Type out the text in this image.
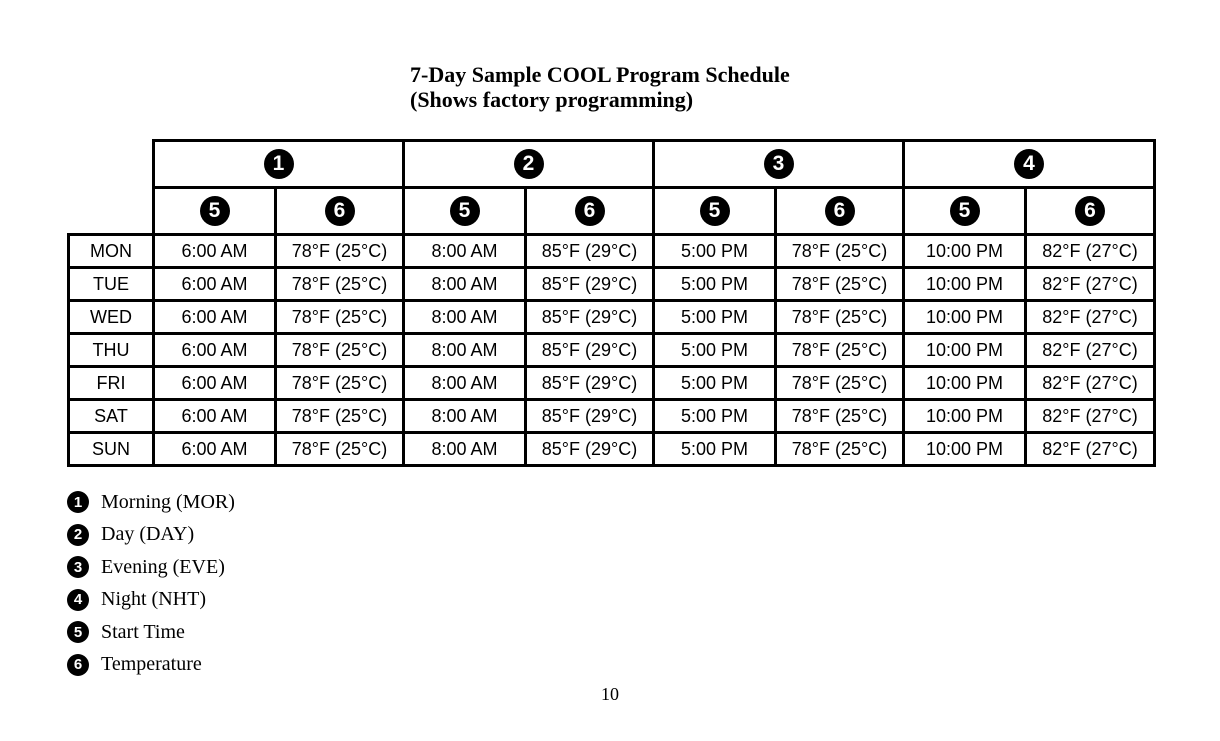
7-Day Sample COOL Program Schedule
(Shows factory programming)
	1		2		3		4	
	5	6	5	6	5	6	5	6
MON	6:00 AM	78°F (25°C)	8:00 AM	85°F (29°C)	5:00 PM	78°F (25°C)	10:00 PM	82°F (27°C)
TUE	6:00 AM	78°F (25°C)	8:00 AM	85°F (29°C)	5:00 PM	78°F (25°C)	10:00 PM	82°F (27°C)
WED	6:00 AM	78°F (25°C)	8:00 AM	85°F (29°C)	5:00 PM	78°F (25°C)	10:00 PM	82°F (27°C)
THU	6:00 AM	78°F (25°C)	8:00 AM	85°F (29°C)	5:00 PM	78°F (25°C)	10:00 PM	82°F (27°C)
FRI	6:00 AM	78°F (25°C)	8:00 AM	85°F (29°C)	5:00 PM	78°F (25°C)	10:00 PM	82°F (27°C)
SAT	6:00 AM	78°F (25°C)	8:00 AM	85°F (29°C)	5:00 PM	78°F (25°C)	10:00 PM	82°F (27°C)
SUN	6:00 AM	78°F (25°C)	8:00 AM	85°F (29°C)	5:00 PM	78°F (25°C)	10:00 PM	82°F (27°C)
1 Morning (MOR)
2 Day (DAY)
3 Evening (EVE)
4 Night (NHT)
5 Start Time
6 Temperature
10
